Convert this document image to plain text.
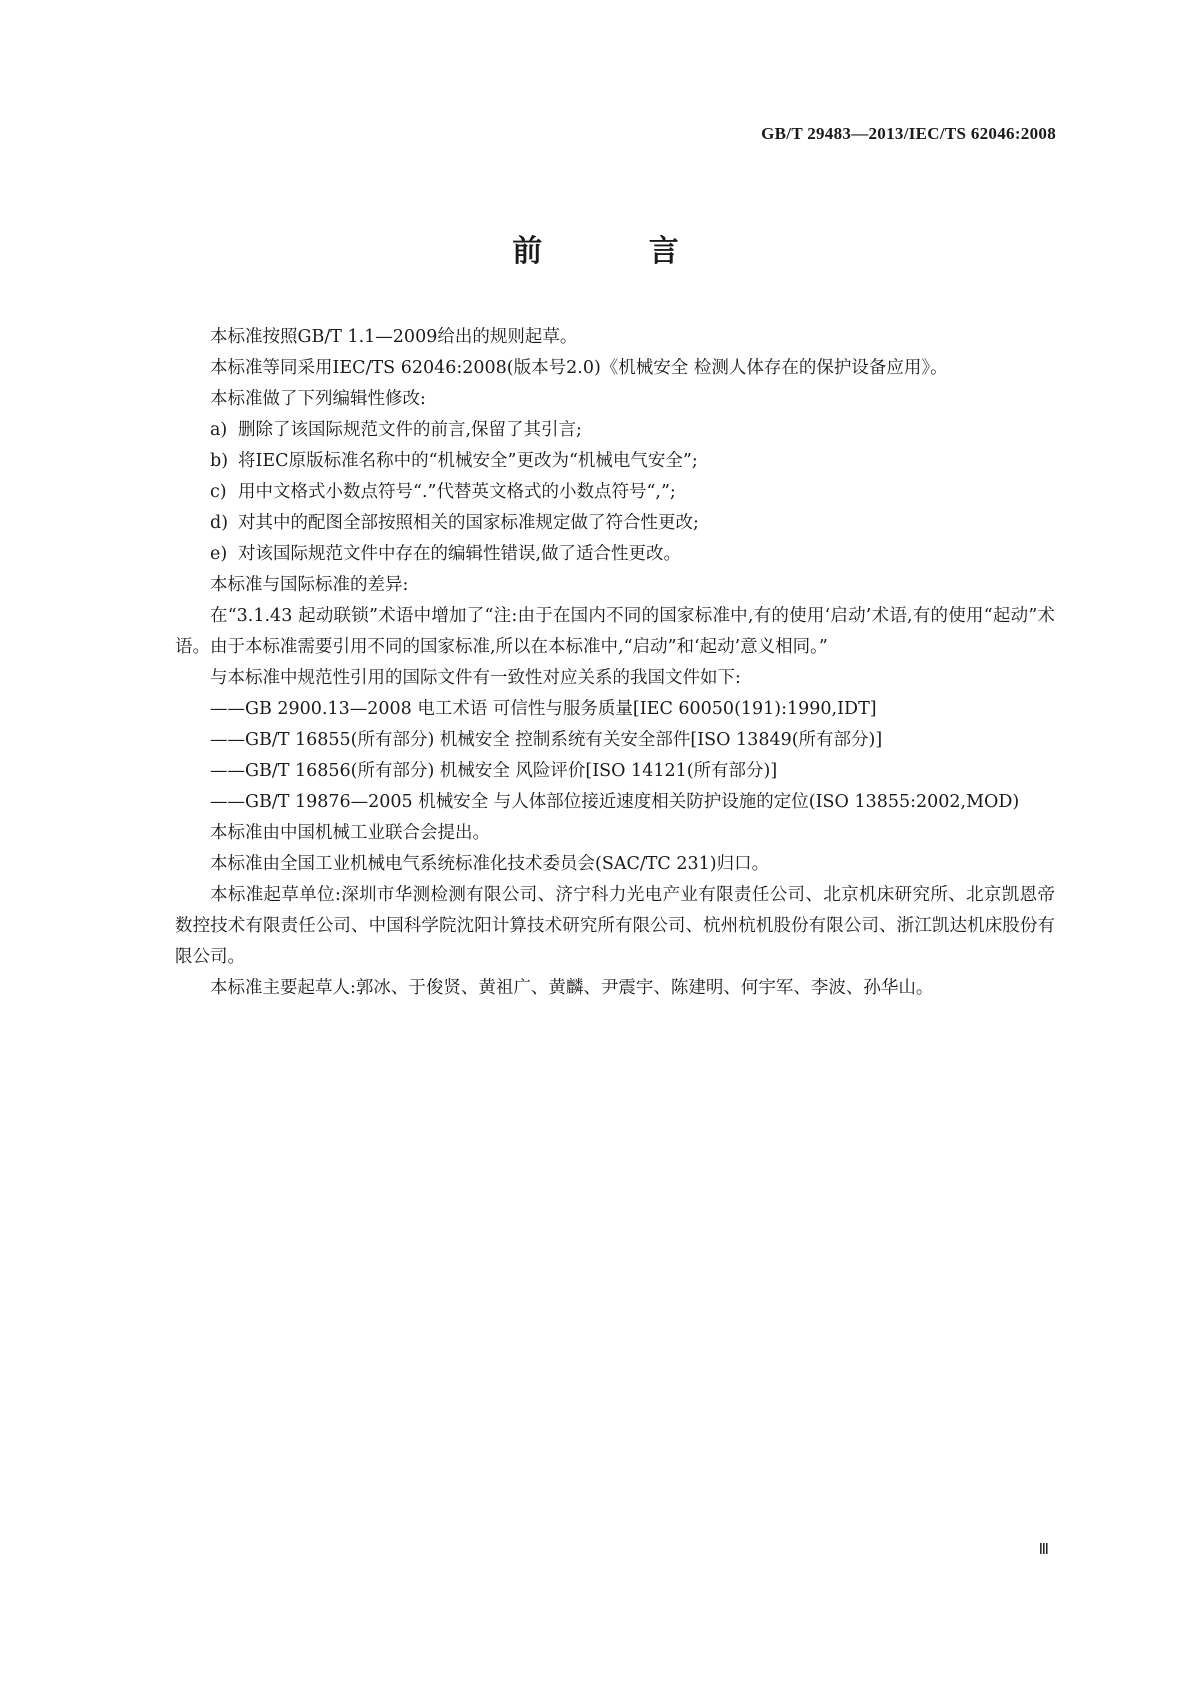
GB/T 29483—2013/IEC/TS 62046:2008
前 言

本标准按照GB/T 1.1—2009给出的规则起草。

本标准等同采用IEC/TS 62046:2008(版本号2.0)《机械安全 检测人体存在的保护设备应用》。

本标准做了下列编辑性修改:

a) 删除了该国际规范文件的前言,保留了其引言;

b) 将IEC原版标准名称中的“机械安全”更改为“机械电气安全”;

c) 用中文格式小数点符号“.”代替英文格式的小数点符号“,”;

d) 对其中的配图全部按照相关的国家标准规定做了符合性更改;

e) 对该国际规范文件中存在的编辑性错误,做了适合性更改。

本标准与国际标准的差异:

在“3.1.43 起动联锁”术语中增加了“注:由于在国内不同的国家标准中,有的使用‘启动’术语,有的使用“起动”术语。由于本标准需要引用不同的国家标准,所以在本标准中,“启动”和‘起动’意义相同。”

与本标准中规范性引用的国际文件有一致性对应关系的我国文件如下:

——GB 2900.13—2008 电工术语 可信性与服务质量[IEC 60050(191):1990,IDT]

——GB/T 16855(所有部分) 机械安全 控制系统有关安全部件[ISO 13849(所有部分)]

——GB/T 16856(所有部分) 机械安全 风险评价[ISO 14121(所有部分)]

——GB/T 19876—2005 机械安全 与人体部位接近速度相关防护设施的定位(ISO 13855:2002,MOD)

本标准由中国机械工业联合会提出。

本标准由全国工业机械电气系统标准化技术委员会(SAC/TC 231)归口。

本标准起草单位:深圳市华测检测有限公司、济宁科力光电产业有限责任公司、北京机床研究所、北京凯恩帝数控技术有限责任公司、中国科学院沈阳计算技术研究所有限公司、杭州杭机股份有限公司、浙江凯达机床股份有限公司。

本标准主要起草人:郭冰、于俊贤、黄祖广、黄麟、尹震宇、陈建明、何宇军、李波、孙华山。

Ⅲ
